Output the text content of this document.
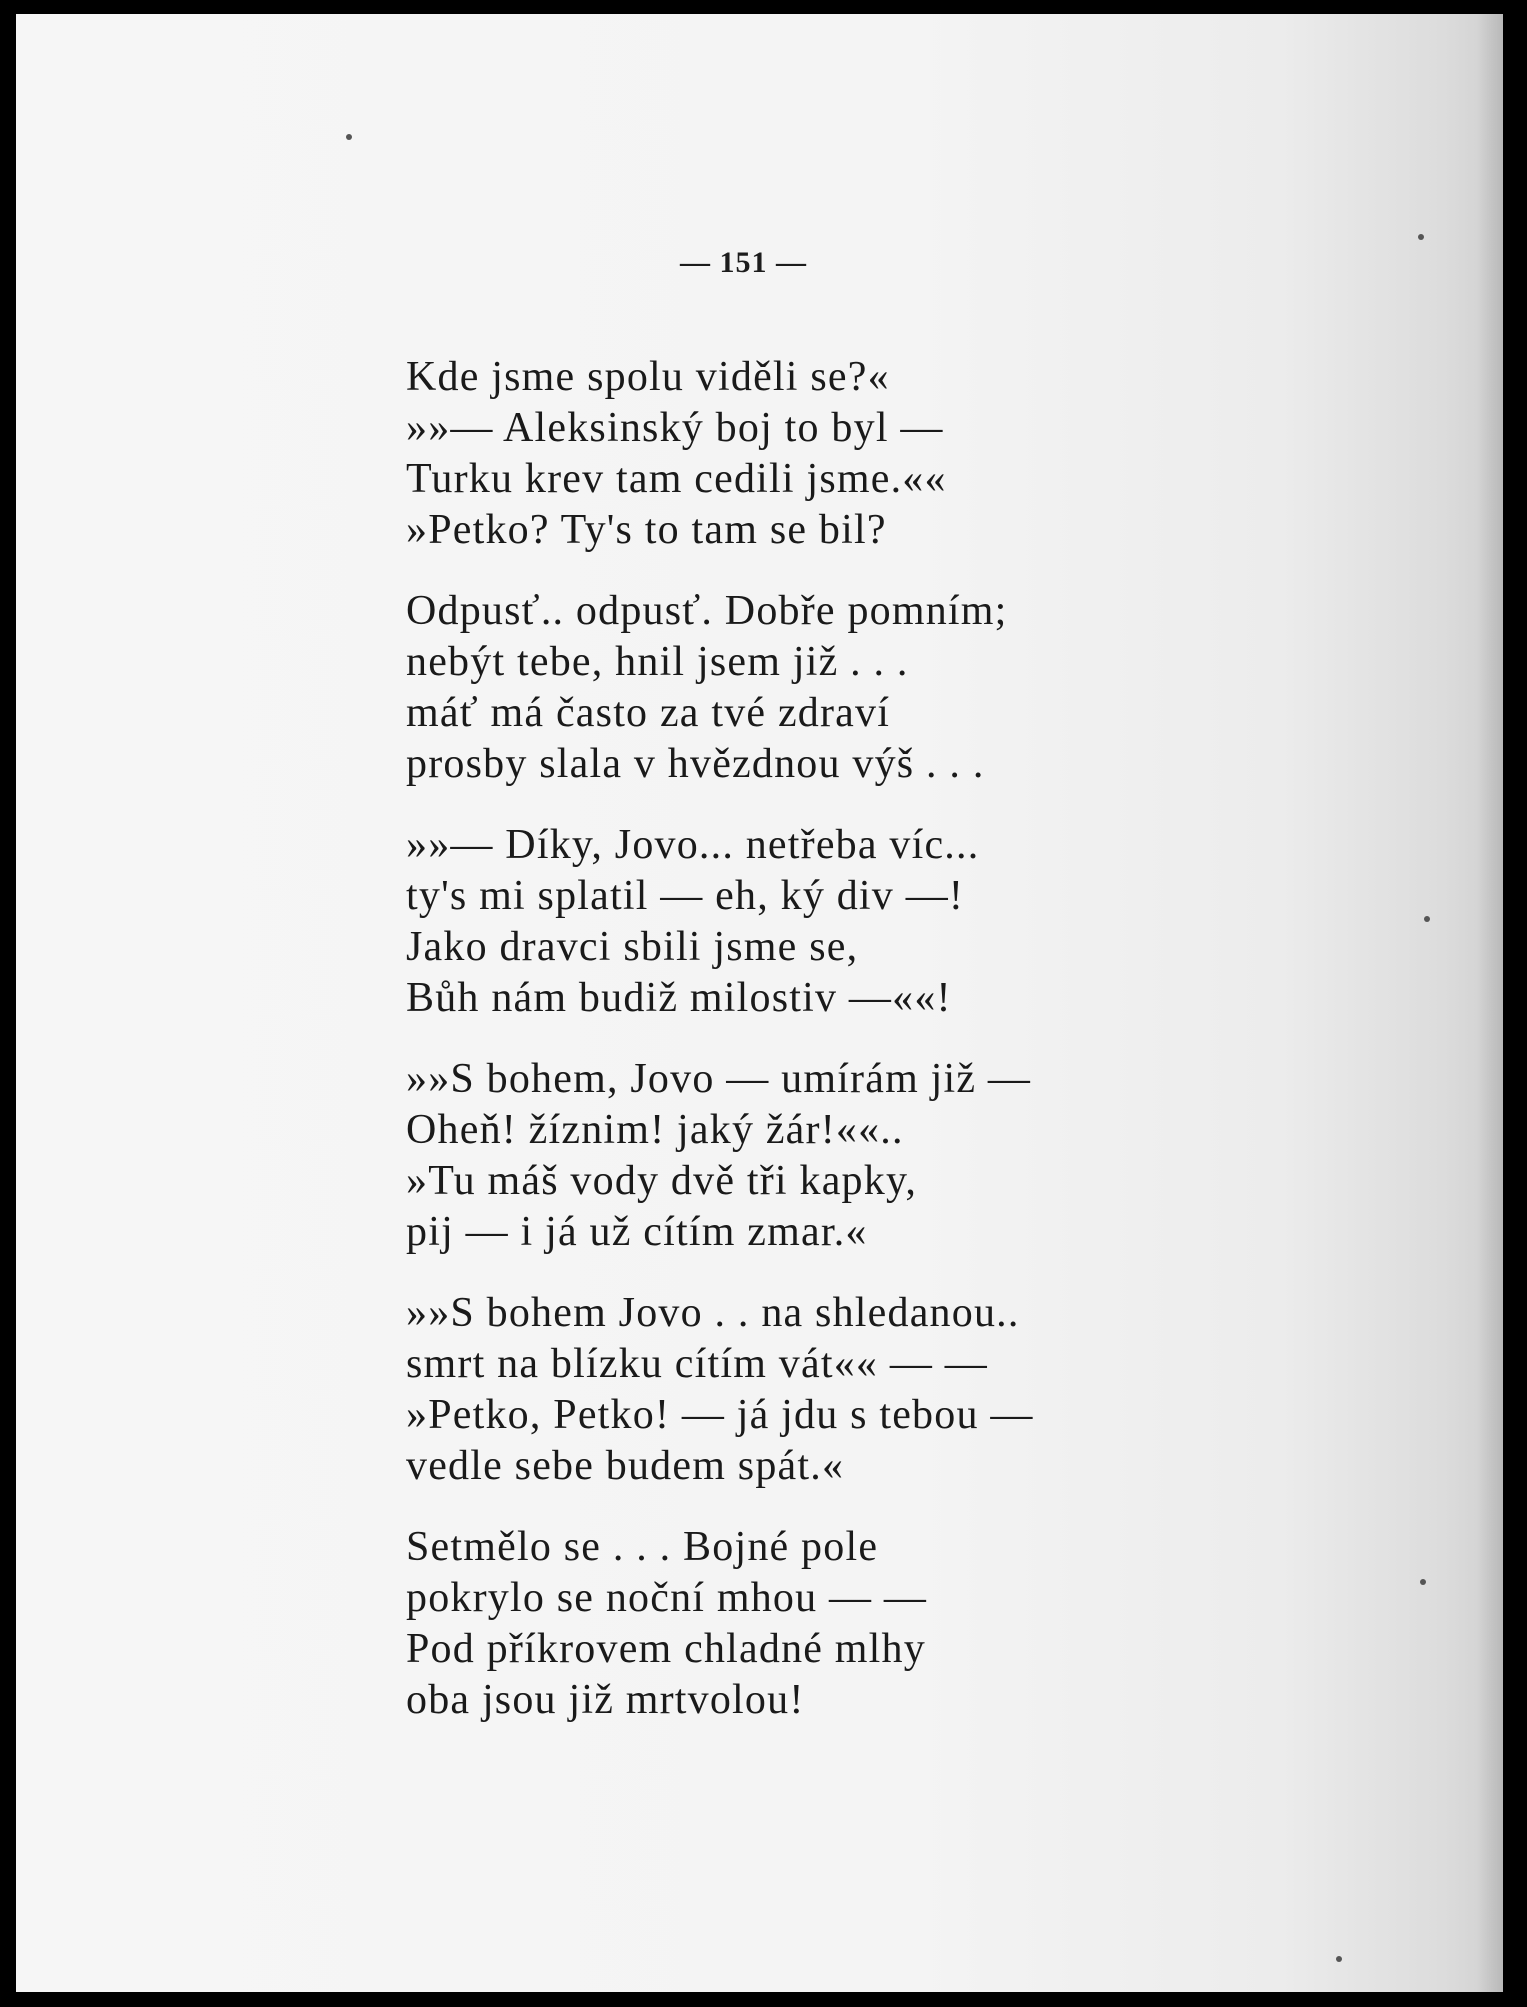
— 151 —
Kde jsme spolu viděli se?«
»»— Aleksinský boj to byl —
Turku krev tam cedili jsme.««
»Petko? Ty's to tam se bil?
Odpusť.. odpusť. Dobře pomním;
nebýt tebe, hnil jsem již . . .
máť má často za tvé zdraví
prosby slala v hvězdnou výš . . .
»»— Díky, Jovo... netřeba víc...
ty's mi splatil — eh, ký div —!
Jako dravci sbili jsme se,
Bůh nám budiž milostiv —««!
»»S bohem, Jovo — umírám již —
Oheň! žíznim! jaký žár!««..
»Tu máš vody dvě tři kapky,
pij — i já už cítím zmar.«
»»S bohem Jovo . . na shledanou..
smrt na blízku cítím vát«« — —
»Petko, Petko! — já jdu s tebou —
vedle sebe budem spát.«
Setmělo se . . . Bojné pole
pokrylo se noční mhou — —
Pod příkrovem chladné mlhy
oba jsou již mrtvolou!
